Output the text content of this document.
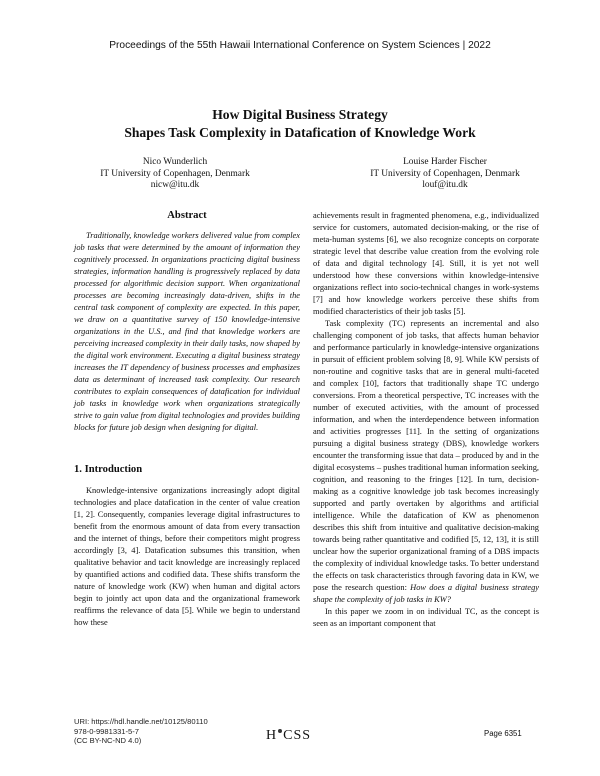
Proceedings of the 55th Hawaii International Conference on System Sciences | 2022
How Digital Business Strategy
Shapes Task Complexity in Datafication of Knowledge Work
Nico Wunderlich
IT University of Copenhagen, Denmark
nicw@itu.dk
Louise Harder Fischer
IT University of Copenhagen, Denmark
louf@itu.dk
Abstract

Traditionally, knowledge workers delivered value from complex job tasks that were determined by the amount of information they cognitively processed. In organizations practicing digital business strategies, information handling is progressively replaced by data processed for algorithmic decision support. When organizational processes are becoming increasingly data-driven, shifts in the central task component of complexity are expected. In this paper, we draw on a quantitative survey of 150 knowledge-intensive organizations in the U.S., and find that knowledge workers are perceiving increased complexity in their daily tasks, now shaped by the digital work environment. Executing a digital business strategy increases the IT dependency of business processes and emphasizes data as determinant of increased task complexity. Our research contributes to explain consequences of datafication for individual job tasks in knowledge work when organizations strategically strive to gain value from digital technologies and provides building blocks for future job design when designing for digital.

1. Introduction

Knowledge-intensive organizations increasingly adopt digital technologies and place datafication in the center of value creation [1, 2]. Consequently, companies leverage digital infrastructures to benefit from the enormous amount of data from every transaction and the internet of things, before their competitors might progress accordingly [3, 4]. Datafication subsumes this transition, when qualitative behavior and tacit knowledge are increasingly replaced by quantified actions and codified data. These shifts transform the nature of knowledge work (KW) when human and digital actors begin to jointly act upon data and the organizational framework reaffirms the relevance of data [5]. While we begin to understand how these

achievements result in fragmented phenomena, e.g., individualized service for customers, automated decision-making, or the rise of meta-human systems [6], we also recognize concepts on corporate strategic level that describe value creation from the evolving role of data and digital technology [4]. Still, it is yet not well understood how these conversions within knowledge-intensive organizations reflect into socio-technical changes in work-systems [7] and how knowledge workers perceive these shifts from modified characteristics of their job tasks [5].

Task complexity (TC) represents an incremental and also challenging component of job tasks, that affects human behavior and performance particularly in knowledge-intensive organizations in pursuit of efficient problem solving [8, 9]. While KW persists of non-routine and cognitive tasks that are in general multi-faceted and complex [10], factors that traditionally shape TC undergo conversions. From a theoretical perspective, TC increases with the number of executed activities, with the amount of processed information, and when the interdependence between information and activities progresses [11]. In the setting of organizations pursuing a digital business strategy (DBS), knowledge workers encounter the transforming issue that data – produced by and in the digital ecosystems – pushes traditional human information seeking, cognition, and reasoning to the fringes [12]. In turn, decision-making as a cognitive knowledge job task becomes increasingly supported and partly overtaken by algorithms and artificial intelligence. While the datafication of KW as phenomenon describes this shift from intuitive and qualitative decision-making towards being rather quantitative and codified [5, 12, 13], it is still unclear how the superior organizational framing of a DBS impacts the complexity of individual knowledge tasks. To better understand the effects on task characteristics through favoring data in KW, we pose the research question: How does a digital business strategy shape the complexity of job tasks in KW?

In this paper we zoom in on individual TC, as the concept is seen as an important component that

URI: https://hdl.handle.net/10125/80110
978-0-9981331-5-7
(CC BY-NC-ND 4.0)	H CSS	Page 6351
